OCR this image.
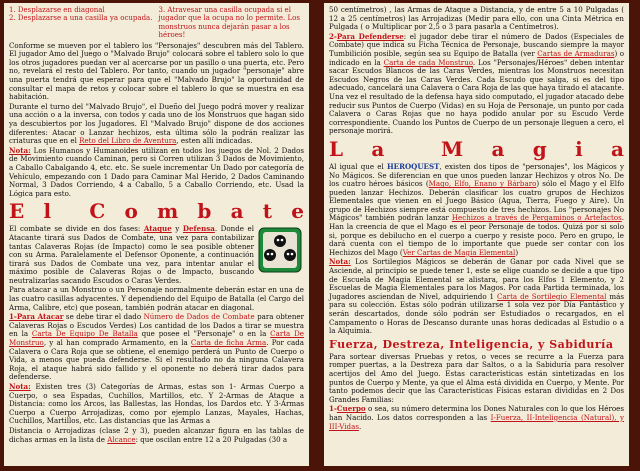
1. Desplazarse en diagonal
2. Desplazarse a una casilla ya ocupada.
3. Atravesar una casilla ocupada si el jugador que la ocupa no lo permite. Los monstruos nunca dejarán pasar a los héroes!

Conforme se mueven por el tablero los "Personajes" descubren más del Tablero. El jugador Amo del Juego o "Malvado Brujo" colocará sobre el tablero solo lo que los otros jugadores puedan ver al acercarse por un pasillo o una puerta, etc. Pero no, revelará el resto del Tablero. Por tanto, cuando un jugador "personaje" abre una puerta tendrá que esperar para que el "Malvado Brujo" la oportunidad de consultar el mapa de retos y colocar sobre el tablero lo que se muestra en esa habitación.

Durante el turno del "Malvado Brujo", el Dueño del Juego podrá mover y realizar una acción o a la inversa, con todos y cada uno de los Monstruos que hagan sido ya descubiertos por los Jugadores. El "Malvado Brujo" dispone de dos acciones diferentes: Atacar o Lanzar hechizos, esta última sólo la podrán realizar las criaturas que en el Reto del Libro de Aventura, esten allí indicadas.

Nota: Los Humanos y Humanoides utilizan en todos los juegos de Nol. 2 Dados de Movimiento cuando Caminan, pero si Corren utilizan 3 Dados de Movimiento, a Caballo Cabalgando 4, etc. etc. Se suele incrementar Un Dado por categoría de Vehículo, empezando con 1 Dado para Caminar Mal Herido, 2 Dados Caminando Normal, 3 Dados Corriendo, 4 a Caballo, 5 a Caballo Corriendo, etc. Usad la Lógica para esto.

E l C o m b a t e

El combate se divide en dos fases: Ataque y Defensa. Donde el Atacante tirará sus Dados de Combate, una vez para contabilizar tantas Calaveras Rojas (de Impacto) como le sea posible obtener con su Arma. Paralelamente el Defensor Oponente, a continuación tirará sus Dados de Combate una vez, para intentar anular el máximo posible de Calaveras Rojas o de Impacto, buscando neutralizarlas sacando Escudos o Caras Verdes.

Para atacar a un Monstruo o un Personaje normalmente deberán estar en una de las cuatro casillas adyacentes. Y dependiendo del Equipo de Batalla (el Cargo del Arma, Calibre, etc) que posean, también podrán atacar en diagonal.

1-Para Atacar se debe tirar el dado Número de Dados de Combate para obtener Calaveras Rojas o Escudos Verdes) Los cantidad de los Dados a tirar se muestra en la Carta De Equipo De Batalla que posee el "Personaje" o en la Carta De Monstruo, y al han comprado Armamento, en la Carta de ficha Arma. Por cada Calavera o Cara Roja que se obtiene, el enemigo perderá un Punto de Cuerpo o Vida, a menos que pueda defenderse. Si el resultado no da ninguna Calavera Roja, el ataque habrá sido fallido y el oponente no deberá tirar dados para defenderse.

Nota: Existen tres (3) Categorías de Armas, estas son 1- Armas Cuerpo a Cuerpo, o sea Espadas, Cuchillos, Martillos, etc. Y 2-Armas de Ataque a Distancia: como los Arcos, las Ballestas, las Hondas, los Dardos etc. Y 3-Armas Cuerpo a Cuerpo Arrojadizas, como por ejemplo Lanzas, Mayales, Hachas, Cuchillos, Martillos, etc. Las distancias que las Armas a

Distancia o Arrojadizas (clase 2 y 3), pueden alcanzar figura en las tablas de dichas armas en la lista de Alcance: que oscilan entre 12 a 20 Pulgadas (30 a

50 centímetros) , las Armas de Ataque a Distancia, y de entre 5 a 10 Pulgadas ( 12 a 25 centímetros) las Arrojadizas (Medir para ello, con una Cinta Métrica en Pulgada ( o Multiplicar por 2,5 o 3 para pasarla a Centímetros).

2-Para Defenderse: el jugador debe tirar el número de Dados (Especiales de Combate) que indica su Ficha Técnica de Personaje, buscando siempre la mayor Tumbilición posible, según sea su Equipo de Batalla (ver Cartas de Armaduras) o indicado en la Carta de cada Monstruo. Los "Personajes/Héroes" deben intentar sacar Escudos Blancos de las Caras Verdes, mientras los Monstruos necesitan Escudos Negros de las Caras Verdes. Cada Escudo que salga, si es del tipo adecuado, cancelará una Calavera o Cara Roja de las que haya tirado el atacante. Una vez el resultado de la defensa haya sido computado, el jugador atacado debe reducir sus Puntos de Cuerpo (Vidas) en su Hoja de Personaje, un punto por cada Calavera o Caras Rojas que no haya podido anular por su Escudo Verde correspondiente. Cuando los Puntos de Cuerpo de un personaje lleguen a cero, el personaje morirá.

L a	M a g i a

Al igual que el HEROQUEST, existen dos tipos de "personajes", los Mágicos y No Mágicos. Se diferencian en que unos pueden lanzar Hechizos y otros No. De los cuatro héroes básicos (Mago, Elfo, Enano y Bárbaro) sólo el Mago y el Elfo pueden lanzar Hechizos. Deberán clasificar los cuatro grupos de Hechizos Elementales que vienen en el Juego Básico (Agua, Tierra, Fuego y Aire). Un grupo de Hechizos siempre está compuesto de tres hechizos. Los "personajes No Mágicos" también podrán lanzar Hechizos a través de Pergaminos o Artefactos. Han la creencia de que el Mago es el peor Personaje de todos. Quizá por si solo si, porque es debilucho en el cuerpo a cuerpo y resiste poco. Pero en grupo, le dará cuenta con el tiempo de lo importante que puede ser contar con los Hechizos del Mago (Ver Cartas de Magia Elemental)

Nota: Los Sortilegios Mágicos se deberán de Ganar por cada Nivel que se Asciende, al principio se puede tener 1, este se elige cuando se decide a que tipo de Escuela de Magia Elemental se alistara, para los Elfos 1 Elemento, y 2 Escuelas de Magia Elementales para los Magos. Por cada Partida terminada, los Jugadores asciendan de Nivel, adquiriendo 1 Carta de Sortilegio Elemental más para su colección. Estas sólo podrán utilizarse 1 sola vez por Día Fantástico y serán descartados, donde sólo podrán ser Estudiados o recargados, en el Campamento o Horas de Descanso durante unas horas dedicadas al Estudio o a la Alquimia.

Fuerza, Destreza, Inteligencia, y Sabiduría

Para sortear diversas Pruebas y retos, o veces se recurre a la Fuerza para romper puertas, a la Destreza para dar Saltos, o a la Sabiduría para resolver acertijos del Amo del Juego. Estas características están sintetizadas en los puntos de Cuerpo y Mente, ya que el Alma está dividida en Cuerpo, y Mente. Por tanto podemos decir que las Características Físicas estaran divididas en 2 Dos Grandes Familias:

1-Cuerpo o sea, su número determina los Dones Naturales con lo que los Héroes han Nacido. Los datos corresponden a las I-Fuerza, II-Inteligencia (Natural), y III-Vidas.
